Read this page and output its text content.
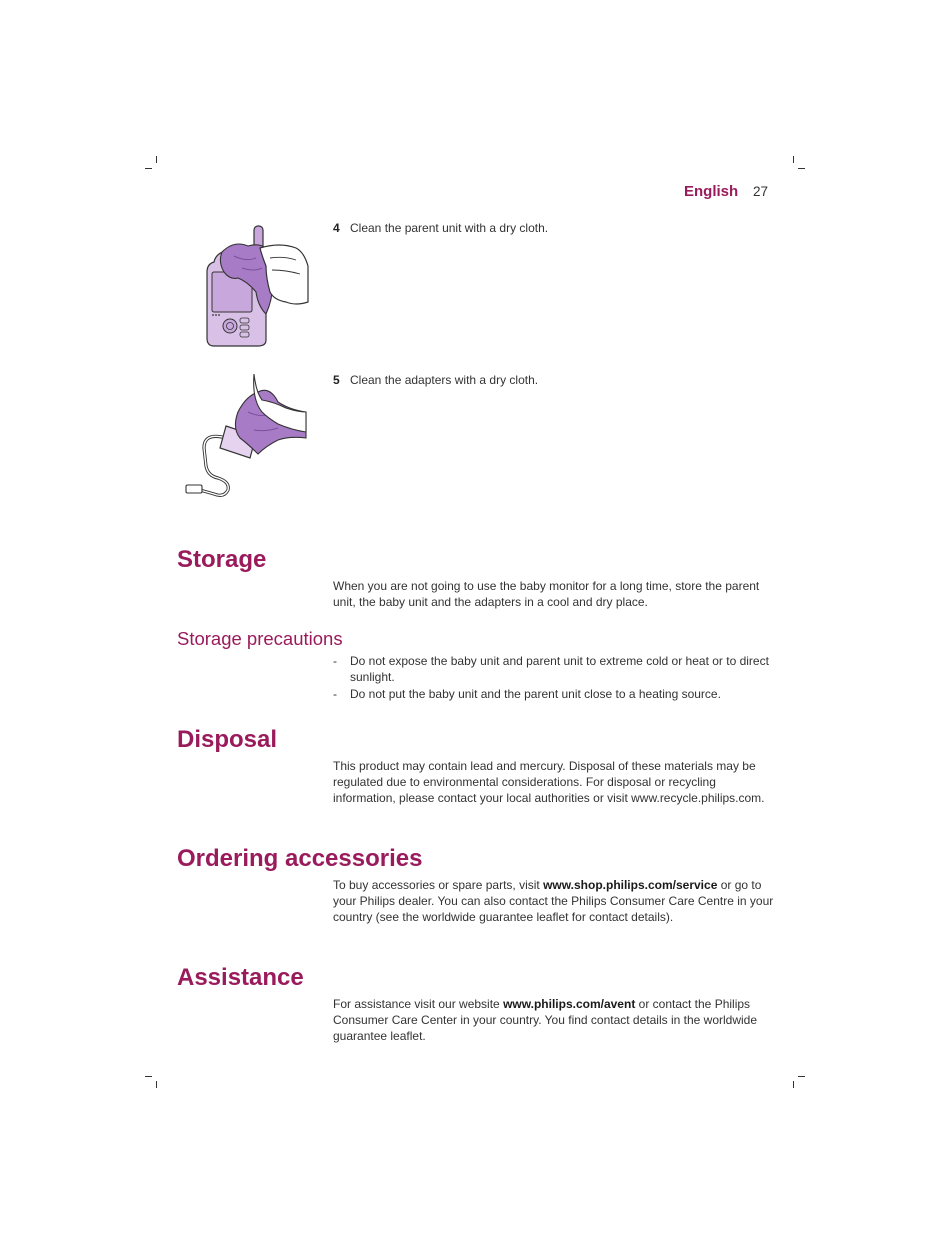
English 27
4 Clean the parent unit with a dry cloth.
5 Clean the adapters with a dry cloth.
Storage

When you are not going to use the baby monitor for a long time, store the parent unit, the baby unit and the adapters in a cool and dry place.

Storage precautions
- Do not expose the baby unit and parent unit to extreme cold or heat or to direct sunlight.
- Do not put the baby unit and the parent unit close to a heating source.
Disposal

This product may contain lead and mercury. Disposal of these materials may be regulated due to environmental considerations. For disposal or recycling information, please contact your local authorities or visit www.recycle.philips.com.

Ordering accessories

To buy accessories or spare parts, visit www.shop.philips.com/service or go to your Philips dealer. You can also contact the Philips Consumer Care Centre in your country (see the worldwide guarantee leaflet for contact details).

Assistance

For assistance visit our website www.philips.com/avent or contact the Philips Consumer Care Center in your country. You find contact details in the worldwide guarantee leaflet.
